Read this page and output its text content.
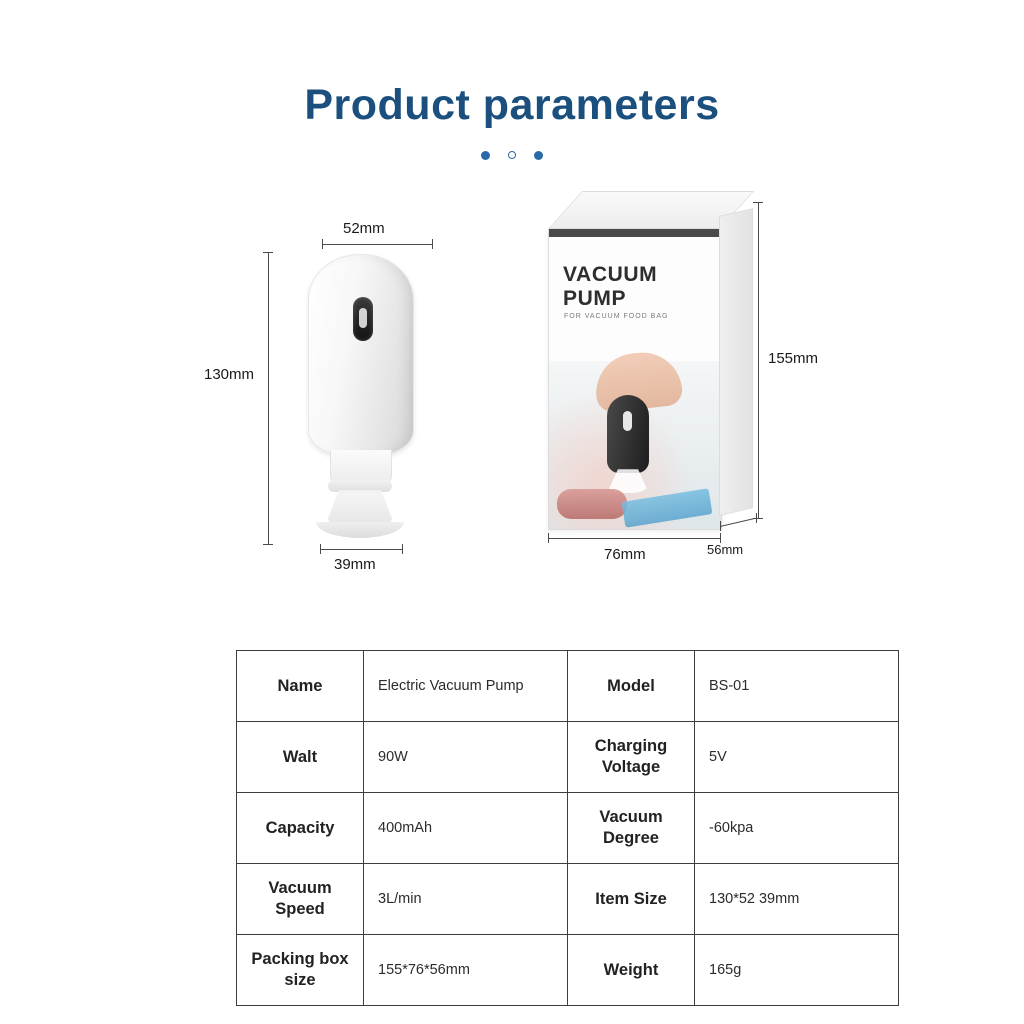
Product parameters
52mm
130mm
39mm
VACUUM
PUMP
FOR VACUUM FOOD BAG
155mm
76mm	56mm
Name	Electric Vacuum Pump	Model	BS-01
Walt	90W	Charging Voltage	5V
Capacity	400mAh	Vacuum Degree	-60kpa
Vacuum Speed	3L/min	Item Size	130*52 39mm
Packing box size	155*76*56mm	Weight	165g
